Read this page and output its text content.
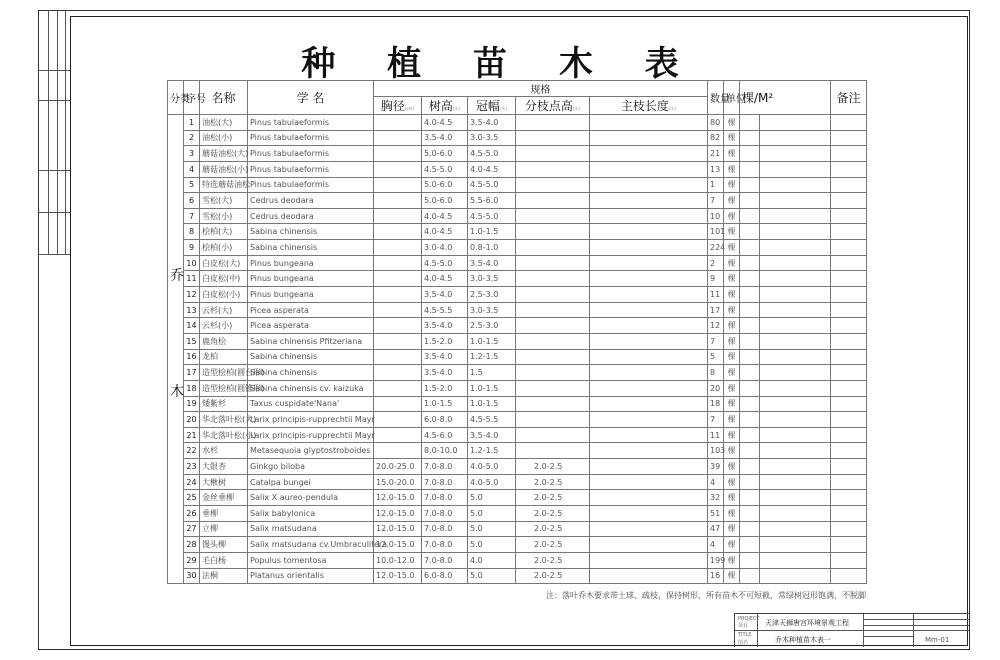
种 植 苗 木 表
分类	序号	名称	学 名	规格					数量	单位	棵/M²		备注
				胸径(cm)	树高(米)	冠幅(米)	分枝点高(米)	主枝长度(米)					

乔
木	1	油松(大)	Pinus tabulaeformis		4.0-4.5	3.5-4.0			80	棵			
	2	油松(小)	Pinus tabulaeformis		3.5-4.0	3.0-3.5			82	棵			
	3	蘑菇油松(大)	Pinus tabulaeformis		5.0-6.0	4.5-5.0			21	棵			
	4	蘑菇油松(小)	Pinus tabulaeformis		4.5-5.0	4.0-4.5			13	棵			
	5	特选蘑菇油松	Pinus tabulaeformis		5.0-6.0	4.5-5.0			1	棵			
	6	雪松(大)	Cedrus deodara		5.0-6.0	5.5-6.0			7	棵			
	7	雪松(小)	Cedrus deodara		4.0-4.5	4.5-5.0			10	棵			
	8	桧柏(大)	Sabina chinensis		4.0-4.5	1.0-1.5			101	棵			
	9	桧柏(小)	Sabina chinensis		3.0-4.0	0.8-1.0			224	棵			
	10	白皮松(大)	Pinus bungeana		4.5-5.0	3.5-4.0			2	棵			
	11	白皮松(中)	Pinus bungeana		4.0-4.5	3.0-3.5			9	棵			
	12	白皮松(小)	Pinus bungeana		3.5-4.0	2.5-3.0			11	棵			
	13	云杉(大)	Picea asperata		4.5-5.5	3.0-3.5			17	棵			
	14	云杉(小)	Picea asperata		3.5-4.0	2.5-3.0			12	棵			
	15	鹿角桧	Sabina chinensis Pfitzeriana		1.5-2.0	1.0-1.5			7	棵			
	16	龙柏	Sabina chinensis		3.5-4.0	1.2-1.5			5	棵			
	17	造型桧柏(圆台形)	Sabina chinensis		3.5-4.0	1.5			8	棵			
	18	造型桧柏(圆锥形)	Sabina chinensis cv. kaizuka		1.5-2.0	1.0-1.5			20	棵			
	19	矮紫杉	Taxus cuspidate'Nana'		1.0-1.5	1.0-1.5			18	棵			
	20	华北落叶松(大)	Larix principis-rupprechtii Mayr		6.0-8.0	4.5-5.5			7	棵			
	21	华北落叶松(小)	Larix principis-rupprechtii Mayr		4.5-6.0	3.5-4.0			11	棵			
	22	水杉	Metasequoia glyptostroboides		8.0-10.0	1.2-1.5			103	棵			
	23	大银杏	Ginkgo biloba	20.0-25.0	7.0-8.0	4.0-5.0	2.0-2.5		39	棵			
	24	大楸树	Catalpa bungei	15.0-20.0	7.0-8.0	4.0-5.0	2.0-2.5		4	棵			
	25	金丝垂柳	Salix X aureo-pendula	12.0-15.0	7.0-8.0	5.0	2.0-2.5		32	棵			
	26	垂柳	Salix babylonica	12.0-15.0	7.0-8.0	5.0	2.0-2.5		51	棵			
	27	立柳	Salix matsudana	12.0-15.0	7.0-8.0	5.0	2.0-2.5		47	棵			
	28	馒头柳	Salix matsudana cv.Umbraculifera	12.0-15.0	7.0-8.0	5.0	2.0-2.5		4	棵			
	29	毛白杨	Populus tomentosa	10.0-12.0	7.0-8.0	4.0	2.0-2.5		199	棵			
	30	法桐	Platanus orientalis	12.0-15.0	6.0-8.0	5.0	2.0-2.5		16	棵			
注：落叶乔木要求带土球、疏枝，保持树形，所有苗木不可短截，常绿树冠形饱满，不脱脚
PROJECT
项目 天津天狮唐宫环境景观工程
TITLE
图名	乔木种植苗木表一	Mm-01
